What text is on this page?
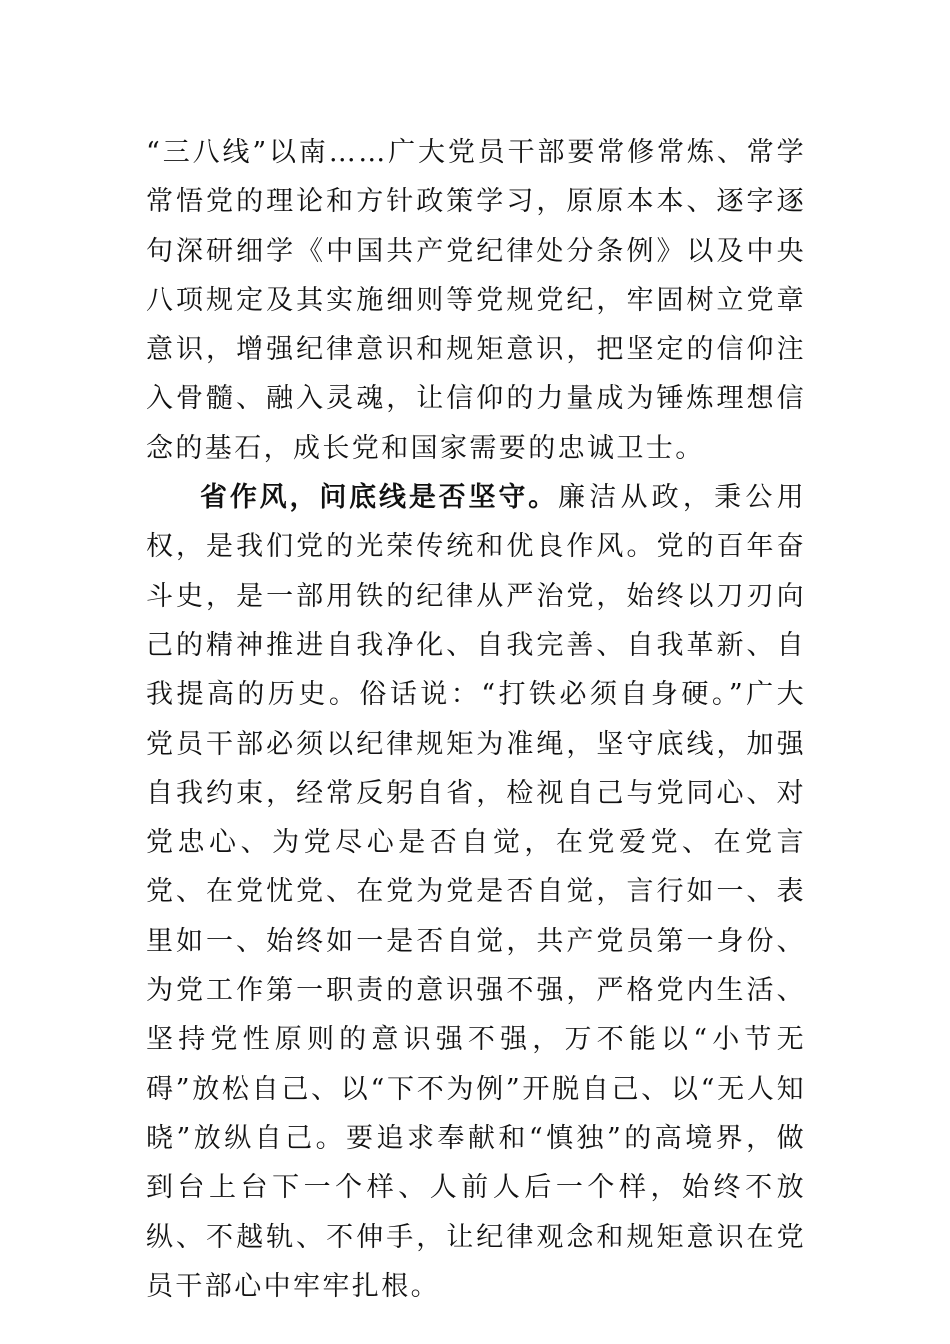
“三八线”以南……广大党员干部要常修常炼、常学常悟党的理论和方针政策学习，原原本本、逐字逐句深研细学《中国共产党纪律处分条例》以及中央八项规定及其实施细则等党规党纪，牢固树立党章意识，增强纪律意识和规矩意识，把坚定的信仰注入骨髓、融入灵魂，让信仰的力量成为锤炼理想信念的基石，成长党和国家需要的忠诚卫士。

省作风，问底线是否坚守。廉洁从政，秉公用权，是我们党的光荣传统和优良作风。党的百年奋斗史，是一部用铁的纪律从严治党，始终以刀刃向己的精神推进自我净化、自我完善、自我革新、自我提高的历史。俗话说：“打铁必须自身硬。”广大党员干部必须以纪律规矩为准绳，坚守底线，加强自我约束，经常反躬自省，检视自己与党同心、对党忠心、为党尽心是否自觉，在党爱党、在党言党、在党忧党、在党为党是否自觉，言行如一、表里如一、始终如一是否自觉，共产党员第一身份、为党工作第一职责的意识强不强，严格党内生活、坚持党性原则的意识强不强，万不能以“小节无碍”放松自己、以“下不为例”开脱自己、以“无人知晓”放纵自己。要追求奉献和“慎独”的高境界，做到台上台下一个样、人前人后一个样，始终不放纵、不越轨、不伸手，让纪律观念和规矩意识在党员干部心中牢牢扎根。
